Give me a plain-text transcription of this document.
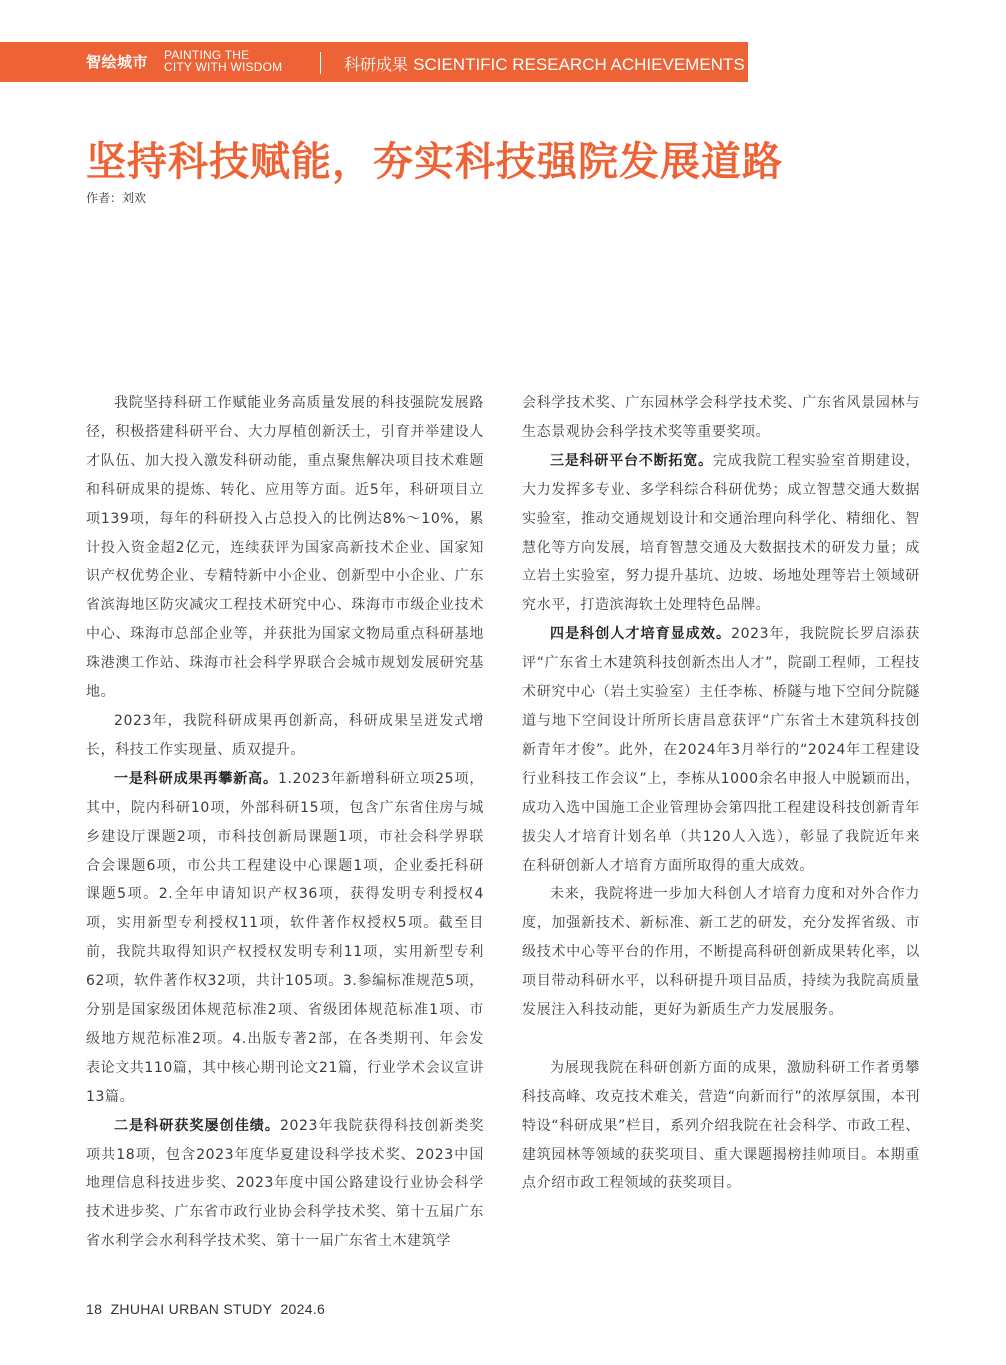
智绘城市 PAINTING THE
CITY WITH WISDOM	科研成果 SCIENTIFIC RESEARCH ACHIEVEMENTS
坚持科技赋能，夯实科技强院发展道路
作者：刘欢

我院坚持科研工作赋能业务高质量发展的科技强院发展路径，积极搭建科研平台、大力厚植创新沃土，引育并举建设人才队伍、加大投入激发科研动能，重点聚焦解决项目技术难题和科研成果的提炼、转化、应用等方面。近5年，科研项目立项139项，每年的科研投入占总投入的比例达8%～10%，累计投入资金超2亿元，连续获评为国家高新技术企业、国家知识产权优势企业、专精特新中小企业、创新型中小企业、广东省滨海地区防灾减灾工程技术研究中心、珠海市市级企业技术中心、珠海市总部企业等，并获批为国家文物局重点科研基地珠港澳工作站、珠海市社会科学界联合会城市规划发展研究基地。

2023年，我院科研成果再创新高，科研成果呈迸发式增长，科技工作实现量、质双提升。

一是科研成果再攀新高。1.2023年新增科研立项25项，其中，院内科研10项，外部科研15项，包含广东省住房与城乡建设厅课题2项，市科技创新局课题1项，市社会科学界联合会课题6项，市公共工程建设中心课题1项，企业委托科研课题5项。2.全年申请知识产权36项，获得发明专利授权4项，实用新型专利授权11项，软件著作权授权5项。截至目前，我院共取得知识产权授权发明专利11项，实用新型专利62项，软件著作权32项，共计105项。3.参编标准规范5项，分别是国家级团体规范标准2项、省级团体规范标准1项、市级地方规范标准2项。4.出版专著2部，在各类期刊、年会发表论文共110篇，其中核心期刊论文21篇，行业学术会议宣讲13篇。

二是科研获奖屡创佳绩。2023年我院获得科技创新类奖项共18项，包含2023年度华夏建设科学技术奖、2023中国地理信息科技进步奖、2023年度中国公路建设行业协会科学技术进步奖、广东省市政行业协会科学技术奖、第十五届广东省水利学会水利科学技术奖、第十一届广东省土木建筑学

会科学技术奖、广东园林学会科学技术奖、广东省风景园林与生态景观协会科学技术奖等重要奖项。

三是科研平台不断拓宽。完成我院工程实验室首期建设，大力发挥多专业、多学科综合科研优势；成立智慧交通大数据实验室，推动交通规划设计和交通治理向科学化、精细化、智慧化等方向发展，培育智慧交通及大数据技术的研发力量；成立岩土实验室，努力提升基坑、边坡、场地处理等岩土领域研究水平，打造滨海软土处理特色品牌。

四是科创人才培育显成效。2023年，我院院长罗启添获评“广东省土木建筑科技创新杰出人才”，院副工程师，工程技术研究中心（岩土实验室）主任李栋、桥隧与地下空间分院隧道与地下空间设计所所长唐昌意获评“广东省土木建筑科技创新青年才俊”。此外，在2024年3月举行的“2024年工程建设行业科技工作会议”上，李栋从1000余名申报人中脱颖而出，成功入选中国施工企业管理协会第四批工程建设科技创新青年拔尖人才培育计划名单（共120人入选），彰显了我院近年来在科研创新人才培育方面所取得的重大成效。

未来，我院将进一步加大科创人才培育力度和对外合作力度，加强新技术、新标准、新工艺的研发，充分发挥省级、市级技术中心等平台的作用，不断提高科研创新成果转化率，以项目带动科研水平，以科研提升项目品质，持续为我院高质量发展注入科技动能，更好为新质生产力发展服务。

为展现我院在科研创新方面的成果，激励科研工作者勇攀科技高峰、攻克技术难关，营造“向新而行”的浓厚氛围，本刊特设“科研成果”栏目，系列介绍我院在社会科学、市政工程、建筑园林等领域的获奖项目、重大课题揭榜挂帅项目。本期重点介绍市政工程领域的获奖项目。

18 ZHUHAI URBAN STUDY 2024.6
